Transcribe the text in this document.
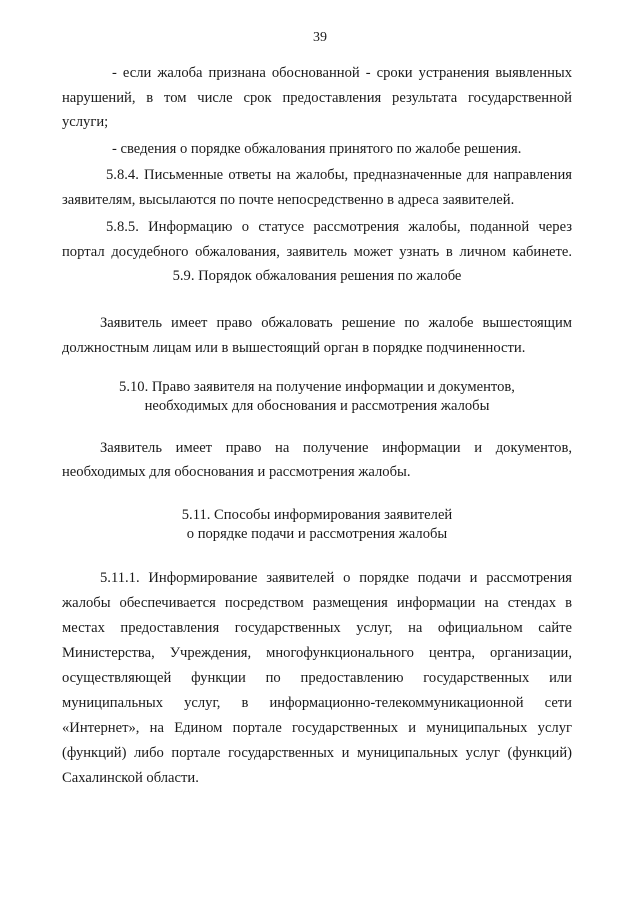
39
- если жалоба признана обоснованной - сроки устранения выявленных
нарушений, в том числе срок предоставления результата государственной
услуги;
- сведения о порядке обжалования принятого по жалобе решения.
5.8.4. Письменные ответы на жалобы, предназначенные для направления
заявителям, высылаются по почте непосредственно в адреса заявителей.
5.8.5. Информацию о статусе рассмотрения жалобы, поданной через
портал досудебного обжалования, заявитель может узнать в личном кабинете.
5.9. Порядок обжалования решения по жалобе
Заявитель имеет право обжаловать решение по жалобе вышестоящим
должностным лицам или в вышестоящий орган в порядке подчиненности.
5.10. Право заявителя на получение информации и документов,
необходимых для обоснования и рассмотрения жалобы
Заявитель имеет право на получение информации и документов,
необходимых для обоснования и рассмотрения жалобы.
5.11. Способы информирования заявителей
о порядке подачи и рассмотрения жалобы
5.11.1. Информирование заявителей о порядке подачи и рассмотрения
жалобы обеспечивается посредством размещения информации на стендах в
местах предоставления государственных услуг, на официальном сайте
Министерства, Учреждения, многофункционального центра, организации,
осуществляющей функции по предоставлению государственных или
муниципальных услуг, в информационно-телекоммуникационной сети
«Интернет», на Едином портале государственных и муниципальных услуг
(функций) либо портале государственных и муниципальных услуг (функций)
Сахалинской области.
